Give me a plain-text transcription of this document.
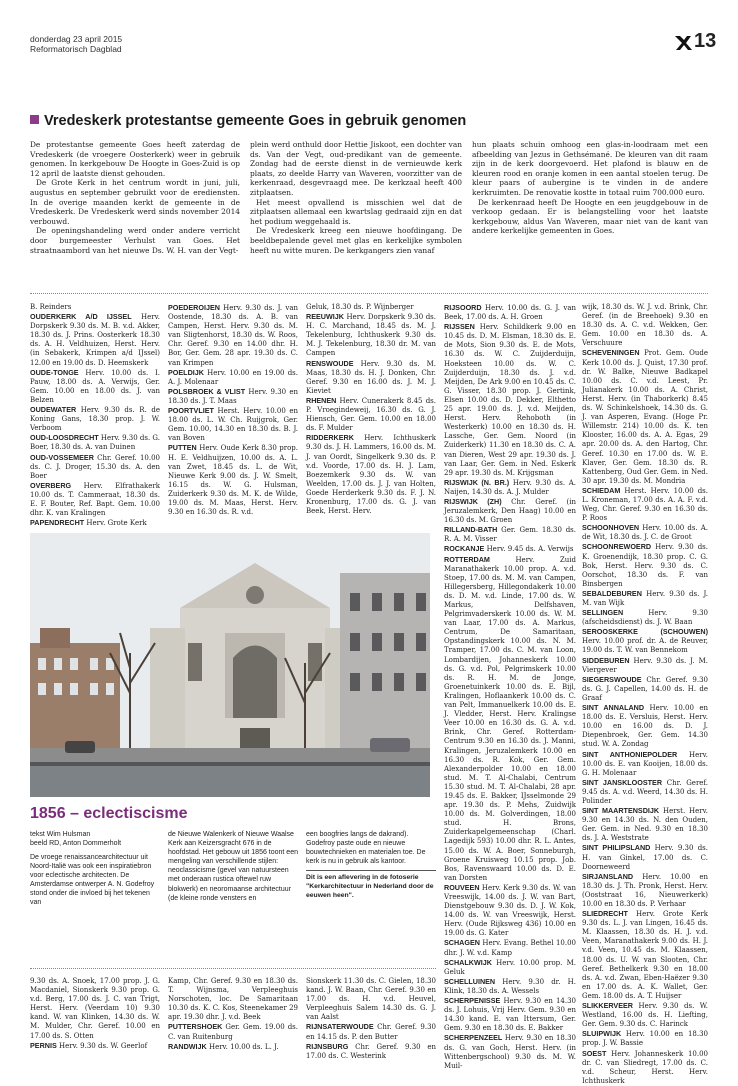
donderdag 23 april 2015
Reformatorisch Dagblad	13
Vredeskerk protestantse gemeente Goes in gebruik genomen

De protestantse gemeente Goes heeft zaterdag de Vredeskerk (de vroegere Oosterkerk) weer in gebruik genomen. In kerkgebouw De Hoogte in Goes-Zuid is op 12 april de laatste dienst gehouden.

De Grote Kerk in het centrum wordt in juni, juli, augustus en september gebruikt voor de erediensten. In de overige maanden kerkt de gemeente in de Vredeskerk. De Vredeskerk werd sinds november 2014 verbouwd.

De openingshandeling werd onder andere verricht door burgemeester Verhulst van Goes. Het straatnaambord van het nieuwe Ds. W. H. van der Vegt-

plein werd onthuld door Hettie Jiskoot, een dochter van ds. Van der Vegt, oud-predikant van de gemeente. Zondag had de eerste dienst in de vernieuwde kerk plaats, zo deelde Harry van Waveren, voorzitter van de kerkenraad, desgevraagd mee. De kerkzaal heeft 400 zitplaatsen.

Het meest opvallend is misschien wel dat de zitplaatsen allemaal een kwartslag gedraaid zijn en dat het podium weggehaald is.

De Vredeskerk kreeg een nieuwe hoofdingang. De beeldbepalende gevel met glas en kerkelijke symbolen heeft nu witte muren. De kerkgangers zien vanaf

hun plaats schuin omhoog een glas-in-loodraam met een afbeelding van Jezus in Gethsémané. De kleuren van dit raam zijn in de kerk doorgevoerd. Het plafond is blauw en de kleuren rood en oranje komen in een aantal stoelen terug. De kleur paars of aubergine is te vinden in de andere kerkruimten. De renovatie kostte in totaal ruim 700.000 euro.

De kerkenraad heeft De Hoogte en een jeugdgebouw in de verkoop gedaan. Er is belangstelling voor het laatste kerkgebouw, aldus Van Waveren, maar niet van de kant van andere kerkelijke gemeenten in Goes.

B. Reinders

OUDERKERK A/D IJSSEL Herv. Dorpskerk 9.30 ds. M. B. v.d. Akker, 18.30 ds. J. Prins. Oosterkerk 18.30 ds. A. H. Veldhuizen, Herst. Herv. (in Sebakerk, Krimpen a/d IJssel) 12.00 en 19.00 ds. D. Heemskerk

OUDE-TONGE Herv. 10.00 ds. I. Pauw, 18.00 ds. A. Verwijs, Ger. Gem. 10.00 en 18.00 ds. J. van Belzen

OUDEWATER Herv. 9.30 ds. R. de Koning Gans, 18.30 prop. J. W. Verboom

OUD-LOOSDRECHT Herv. 9.30 ds. G. Boer, 18.30 ds. A. van Duinen

OUD-VOSSEMEER Chr. Geref. 10.00 ds. C. J. Droger, 15.30 ds. A. den Boer

OVERBERG Herv. Elfrathakerk 10.00 ds. T. Cammeraat, 18.30 ds. E. F. Bouter, Ref. Bapt. Gem. 10.00 dhr. K. van Kralingen

PAPENDRECHT Herv. Grote Kerk

POEDEROIJEN Herv. 9.30 ds. J. van Oostende, 18.30 ds. A. B. van Campen, Herst. Herv. 9.30 ds. M. van Sligtenhorst, 18.30 ds. W. Roos, Chr. Geref. 9.30 en 14.00 dhr. H. Bor, Ger. Gem. 28 apr. 19.30 ds. C. van Krimpen

POELDIJK Herv. 10.00 en 19.00 ds. A. J. Molenaar

POLSBROEK & VLIST Herv. 9.30 en 18.30 ds. J. T. Maas

POORTVLIET Herst. Herv. 10.00 en 18.00 ds. L. W. Ch. Ruijgrok, Ger. Gem. 10.00, 14.30 en 18.30 ds. B. J. van Boven

PUTTEN Herv. Oude Kerk 8.30 prop. H. E. Veldhuijzen, 10.00 ds. A. L. van Zwet, 18.45 ds. L. de Wit, Nieuwe Kerk 9.00 ds. J. W. Smelt, 16.15 ds. W. G. Hulsman, Zuiderkerk 9.30 ds. M. K. de Wilde, 19.00 ds. M. Maas, Herst. Herv. 9.30 en 16.30 ds. R. v.d.

Geluk, 18.30 ds. P. Wijnberger

REEUWIJK Herv. Dorpskerk 9.30 ds. H. C. Marchand, 18.45 ds. M. J. Tekelenburg, Ichthuskerk 9.30 ds. M. J. Tekelenburg, 18.30 dr. M. van Campen

RENSWOUDE Herv. 9.30 ds. M. Maas, 18.30 ds. H. J. Donken, Chr. Geref. 9.30 en 16.00 ds. J. M. J. Kieviet

RHENEN Herv. Cunerakerk 8.45 ds. P. Vroegindeweij, 16.30 ds. G. J. Hiensch, Ger. Gem. 10.00 en 18.00 ds. F. Mulder

RIDDERKERK Herv. Ichthuskerk 9.30 ds. J. H. Lammers, 16.00 ds. M. J. van Oordt, Singelkerk 9.30 ds. P. v.d. Voorde, 17.00 ds. H. J. Lam, Boezemkerk 9.30 ds. W. van Weelden, 17.00 ds. J. J. van Holten, Goede Herderkerk 9.30 ds. F. J. N. Kronenburg, 17.00 ds. G. J. van Beek, Herst. Herv.

RIJSOORD Herv. 10.00 ds. G. J. van Beek, 17.00 ds. A. H. Groen

RIJSSEN Herv. Schildkerk 9.00 en 10.45 ds. D. M. Elsman, 18.30 ds. E. de Mots, Sion 9.30 ds. E. de Mots, 16.30 ds. W. C. Zuijderduijn, Hoeksteen 10.00 ds. W. C. Zuijderduijn, 18.30 ds. J. v.d. Meijden, De Ark 9.00 en 10.45 ds. C. G. Visser, 18.30 prop. J. Gertink, Elsen 10.00 ds. D. Dekker, Elthetto 25 apr. 19.00 ds. J. v.d. Meijden, Herst. Herv. Rehoboth (in Westerkerk) 10.00 en 18.30 ds. H. Lassche, Ger. Gem. Noord (in Zuiderkerk) 11.30 en 18.30 ds. C. A. van Dieren, West 29 apr. 19.30 ds. J. van Laar, Ger. Gem. in Ned. Eskerk 29 apr. 19.30 ds. M. Krijgsman

RIJSWIJK (N. BR.) Herv. 9.30 ds. A. Naijen, 14.30 ds. A. J. Mulder

RIJSWIJK (ZH) Chr. Geref. (in Jeruzalemkerk, Den Haag) 10.00 en 16.30 ds. M. Groen

RILLAND-BATH Ger. Gem. 18.30 ds. R. A. M. Visser

ROCKANJE Herv. 9.45 ds. A. Verwijs

ROTTERDAM Herv. Zuid Maranathakerk 10.00 prop. A. v.d. Stoep, 17.00 ds. M. M. van Campen, Hillegersberg, Hillegondakerk 10.00 ds. D. M. v.d. Linde, 17.00 ds. W. Markus, Delfshaven, Pelgrimvaderskerk 10.00 ds. W. M. van Laar, 17.00 ds. A. Markus, Centrum, De Samaritaan, Opstandingskerk 10.00 ds. N. M. Tramper, 17.00 ds. C. M. van Loon, Lombardijen, Johanneskerk 10.00 ds. G. v.d. Pol, Pelgrimskerk 10.00 ds. R. H. M. de Jonge, Groenetuinkerk 10.00 ds. E. Bijl, Kralingen, Hoflaankerk 10.00 ds. C. van Pelt, Immanuelkerk 10.00 ds. E. J. Vledder, Herst. Herv. Kralingse Veer 10.00 en 16.30 ds. G. A. v.d. Brink, Chr. Geref. Rotterdam-Centrum 9.30 en 16.30 ds. J. Manni, Kralingen, Jeruzalemkerk 10.00 en 16.30 ds. R. Kok, Ger. Gem. Alexanderpolder 10.00 en 18.00 stud. M. T. Al-Chalabi, Centrum 15.30 stud. M. T. Al-Chalabi, 28 apr. 19.45 ds. E. Bakker, IJsselmonde 29 apr. 19.30 ds. P. Mehs, Zuidwijk 10.00 ds. M. Golverdingen, 18.00 stud. H. Brons, Zuiderkapelgemeenschap (Charl. Lagedijk 593) 10.00 dhr. R. L. Antes, 15.00 ds. W. A. Boer, Sonneburgh, Groene Kruisweg 10.15 prop. Job. Bos, Ravenswaard 10.00 ds. D. E. van Dorsten

ROUVEEN Herv. Kerk 9.30 ds. W. van Vreeswijk, 14.00 ds. J. W. van Bart, Dienstgebouw 9.30 ds. D. J. W. Kok, 14.00 ds. W. van Vreeswijk, Herst. Herv. (Oude Rijksweg 436) 10.00 en 19.00 ds. G. Kater

SCHAGEN Herv. Evang. Bethel 10.00 dhr. J. W. v.d. Kamp

SCHALKWIJK Herv. 10.00 prop. M. Geluk

SCHELLUINEN Herv. 9.30 dr. H. Klink, 18.30 ds. A. Wessels

SCHERPENISSE Herv. 9.30 en 14.30 ds. J. Lohuis, Vrij Herv. Gem. 9.30 en 14.30 kand. E. van Ittersum, Ger. Gem. 9.30 en 18.30 ds. E. Bakker

SCHERPENZEEL Herv. 9.30 en 18.30 ds. G. van Goch, Herst. Herv. (in Wittenbergschool) 9.30 ds. M. W. Muil-

wijk, 18.30 ds. W. J. v.d. Brink, Chr. Geref. (in de Breehoek) 9.30 en 18.30 ds. A. C. v.d. Wekken, Ger. Gem. 10.00 en 18.30 ds. A. Verschuure

SCHEVENINGEN Prot. Gem. Oude Kerk 10.00 ds. J. Quist, 17.30 prof. dr. W. Balke, Nieuwe Badkapel 10.00 ds. C. v.d. Leest, Pr. Julianakerk 10.00 ds. A. Christ, Herst. Herv. (in Thaborkerk) 8.45 ds. W. Schinkelshoek, 14.30 ds. G. J. van Asperen, Evang. (Hoge Pr. Willemstr. 214) 10.00 ds. K. ten Klooster, 16.00 ds. A. A. Egas, 29 apr. 20.00 ds. A. den Hartog, Chr. Geref. 10.30 en 17.00 ds. W. E. Klaver, Ger. Gem. 18.30 ds. R. Kattenberg, Oud Ger. Gem. in Ned. 30 apr. 19.30 ds. M. Mondria

SCHIEDAM Herst. Herv. 10.00 ds. L. Kroneman, 17.00 ds. A. A. F. v.d. Weg, Chr. Geref. 9.30 en 16.30 ds. P. Roos

SCHOONHOVEN Herv. 10.00 ds. A. de Wit, 18.30 ds. J. C. de Groot

SCHOONREWOERD Herv. 9.30 ds. K. Groenendijk, 18.30 prop. C. G. Bok, Herst. Herv. 9.30 ds. C. Oorschot, 18.30 ds. F. van Binsbergen

SEBALDEBUREN Herv. 9.30 ds. J. M. van Wijk

SELLINGEN Herv. 9.30 (afscheidsdienst) ds. J. W. Baan

SEROOSKERKE (SCHOUWEN) Herv. 10.00 prof. dr. A. de Reuver, 19.00 ds. T. W. van Bennekom

SIDDEBUREN Herv. 9.30 ds. J. M. Viergever

SIEGERSWOUDE Chr. Geref. 9.30 ds. G. J. Capellen, 14.00 ds. H. de Graaf

SINT ANNALAND Herv. 10.00 en 18.00 ds. E. Versluis, Herst. Herv. 10.00 en 16.00 ds. D. J. Diepenbroek, Ger. Gem. 14.30 stud. W. A. Zondag

SINT ANTHONIEPOLDER Herv. 10.00 ds. E. van Kooijen, 18.00 ds. G. H. Molenaar

SINT JANSKLOOSTER Chr. Geref. 9.45 ds. A. v.d. Weerd, 14.30 ds. H. Polinder

SINT MAARTENSDIJK Herst. Herv. 9.30 en 14.30 ds. N. den Ouden, Ger. Gem. in Ned. 9.30 en 18.30 ds. J. A. Weststrate

SINT PHILIPSLAND Herv. 9.30 ds. H. van Ginkel, 17.00 ds. C. Doorneweerd

SIRJANSLAND Herv. 10.00 en 18.30 ds. J. Th. Pronk, Herst. Herv. (Ooststraat 16, Nieuwerkerk) 10.00 en 18.30 ds. P. Verhaar

SLIEDRECHT Herv. Grote Kerk 9.30 ds. L. J. van Lingen, 16.45 ds. M. Klaassen, 18.30 ds. H. J. v.d. Veen, Maranathakerk 9.00 ds. H. J. v.d. Veen, 10.45 ds. M. Klaassen, 18.00 ds. U. W. van Slooten, Chr. Geref. Bethelkerk 9.30 en 18.00 ds. A. v.d. Zwan, Eben-Haëzer 9.30 en 17.00 ds. A. K. Wallet, Ger. Gem. 18.00 ds. A. T. Huijser

SLIKKERVEER Herv. 9.30 ds. W. Westland, 16.00 ds. H. Liefting, Ger. Gem. 9.30 ds. C. Harinck

SLUIPWIJK Herv. 10.00 en 18.30 prop. J. W. Bassie

SOEST Herv. Johanneskerk 10.00 dr. C. van Sliedregt, 17.00 ds. C. v.d. Scheur, Herst. Herv. Ichthuskerk

1856 – eclectiscisme
tekst Wim Hulsman
beeld RD, Anton Dommerholt

De vroege renaissancearchitectuur uit Noord-Italië was ook een inspiratiebron voor eclectische architecten. De Amsterdamse ontwerper A. N. Godefroy stond onder die invloed bij het tekenen van

de Nieuwe Walenkerk of Nieuwe Waalse Kerk aan Keizersgracht 676 in de hoofdstad. Het gebouw uit 1856 toont een mengeling van verschillende stijlen: neoclassicisme (gevel van natuursteen met onderaan rustica oftewel ruw blokwerk) en neoromaanse architectuur (de kleine ronde vensters en

een boogfries langs de dakrand). Godefroy paste oude en nieuwe bouwtechnieken en materialen toe. De kerk is nu in gebruik als kantoor.

Dit is een aflevering in de fotoserie "Kerkarchitectuur in Nederland door de eeuwen heen".

9.30 ds. A. Snoek, 17.00 prop. J. G. Macdaniel, Sionskerk 9.30 prop. G. v.d. Berg, 17.00 ds. J. C. van Trigt, Herst. Herv. (Veerdam 10) 9.30 kand. W. van Klinken, 14.30 ds. W. M. Mulder, Chr. Geref. 10.00 en 17.00 ds. S. Otten

PERNIS Herv. 9.30 ds. W. Geerlof

Kamp, Chr. Geref. 9.30 en 18.30 ds. T. Wijnsma, Verpleeghuis Norschoten, loc. De Samaritaan 10.30 ds. K. C. Kos, Steenekamer 29 apr. 19.30 dhr. J. v.d. Beek

PUTTERSHOEK Ger. Gem. 19.00 ds. C. van Ruitenburg

RANDWIJK Herv. 10.00 ds. L. J.

Sionskerk 11.30 ds. C. Gielen, 18.30 kand. J. W. Baan, Chr. Geref. 9.30 en 17.00 ds. H. v.d. Heuvel, Verpleeghuis Salem 14.30 ds. G. J. van Aalst

RIJNSATERWOUDE Chr. Geref. 9.30 en 14.15 ds. P. den Butter

RIJNSBURG Chr. Geref. 9.30 en 17.00 ds. C. Westerink
